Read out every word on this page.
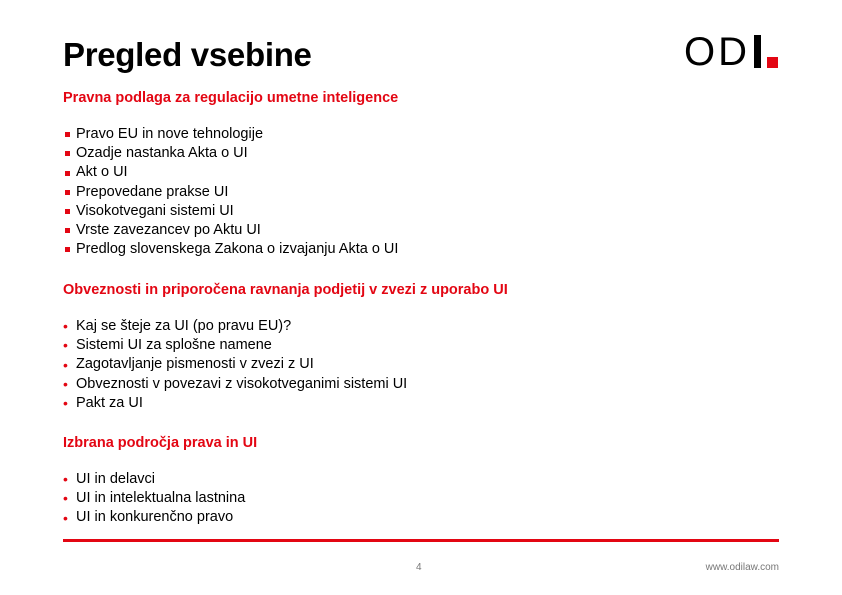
Pregled vsebine	OD
Pravna podlaga za regulacijo umetne inteligence
Pravo EU in nove tehnologije
Ozadje nastanka Akta o UI
Akt o UI
Prepovedane prakse UI
Visokotvegani sistemi UI
Vrste zavezancev po Aktu UI
Predlog slovenskega Zakona o izvajanju Akta o UI
Obveznosti in priporočena ravnanja podjetij v zvezi z uporabo UI
• Kaj se šteje za UI (po pravu EU)?
• Sistemi UI za splošne namene
• Zagotavljanje pismenosti v zvezi z UI
• Obveznosti v povezavi z visokotveganimi sistemi UI
• Pakt za UI
Izbrana področja prava in UI
• UI in delavci
• UI in intelektualna lastnina
• UI in konkurenčno pravo
4	www.odilaw.com
